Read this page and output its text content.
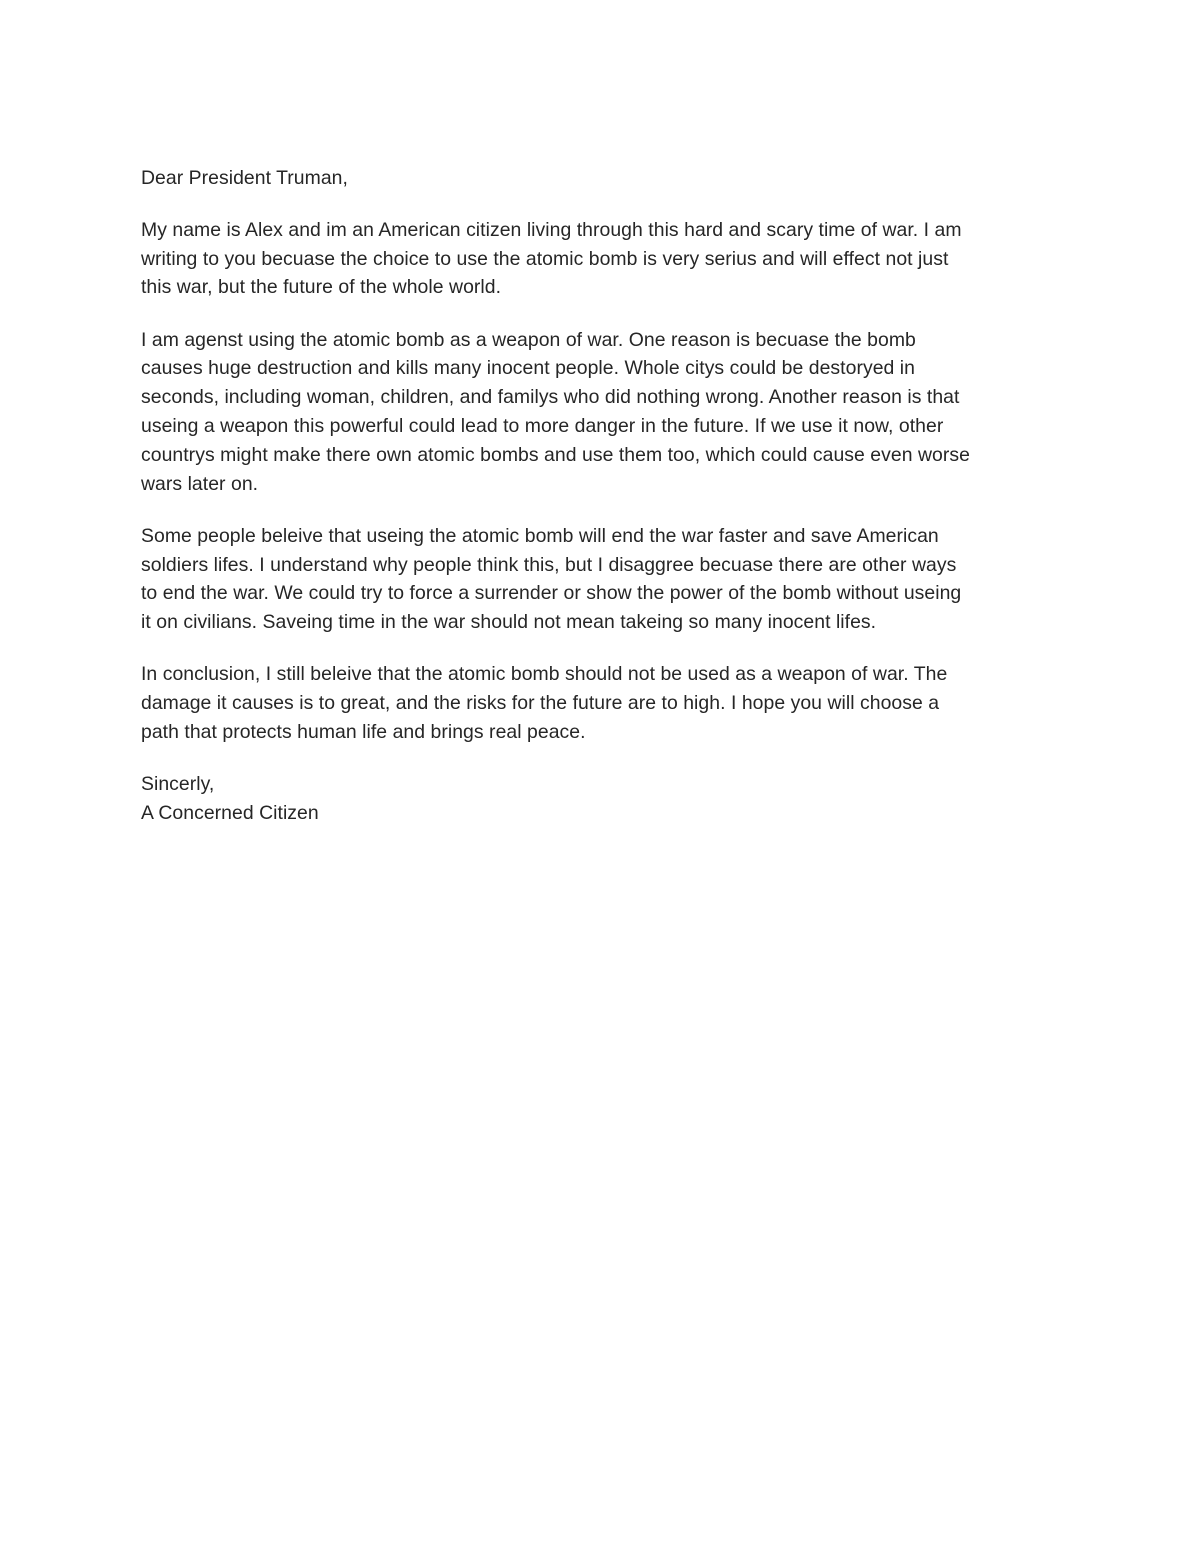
Dear President Truman,

My name is Alex and im an American citizen living through this hard and scary time of war. I am
writing to you becuase the choice to use the atomic bomb is very serius and will effect not just
this war, but the future of the whole world.

I am agenst using the atomic bomb as a weapon of war. One reason is becuase the bomb
causes huge destruction and kills many inocent people. Whole citys could be destoryed in
seconds, including woman, children, and familys who did nothing wrong. Another reason is that
useing a weapon this powerful could lead to more danger in the future. If we use it now, other
countrys might make there own atomic bombs and use them too, which could cause even worse
wars later on.

Some people beleive that useing the atomic bomb will end the war faster and save American
soldiers lifes. I understand why people think this, but I disaggree becuase there are other ways
to end the war. We could try to force a surrender or show the power of the bomb without useing
it on civilians. Saveing time in the war should not mean takeing so many inocent lifes.

In conclusion, I still beleive that the atomic bomb should not be used as a weapon of war. The
damage it causes is to great, and the risks for the future are to high. I hope you will choose a
path that protects human life and brings real peace.

Sincerly,
A Concerned Citizen
